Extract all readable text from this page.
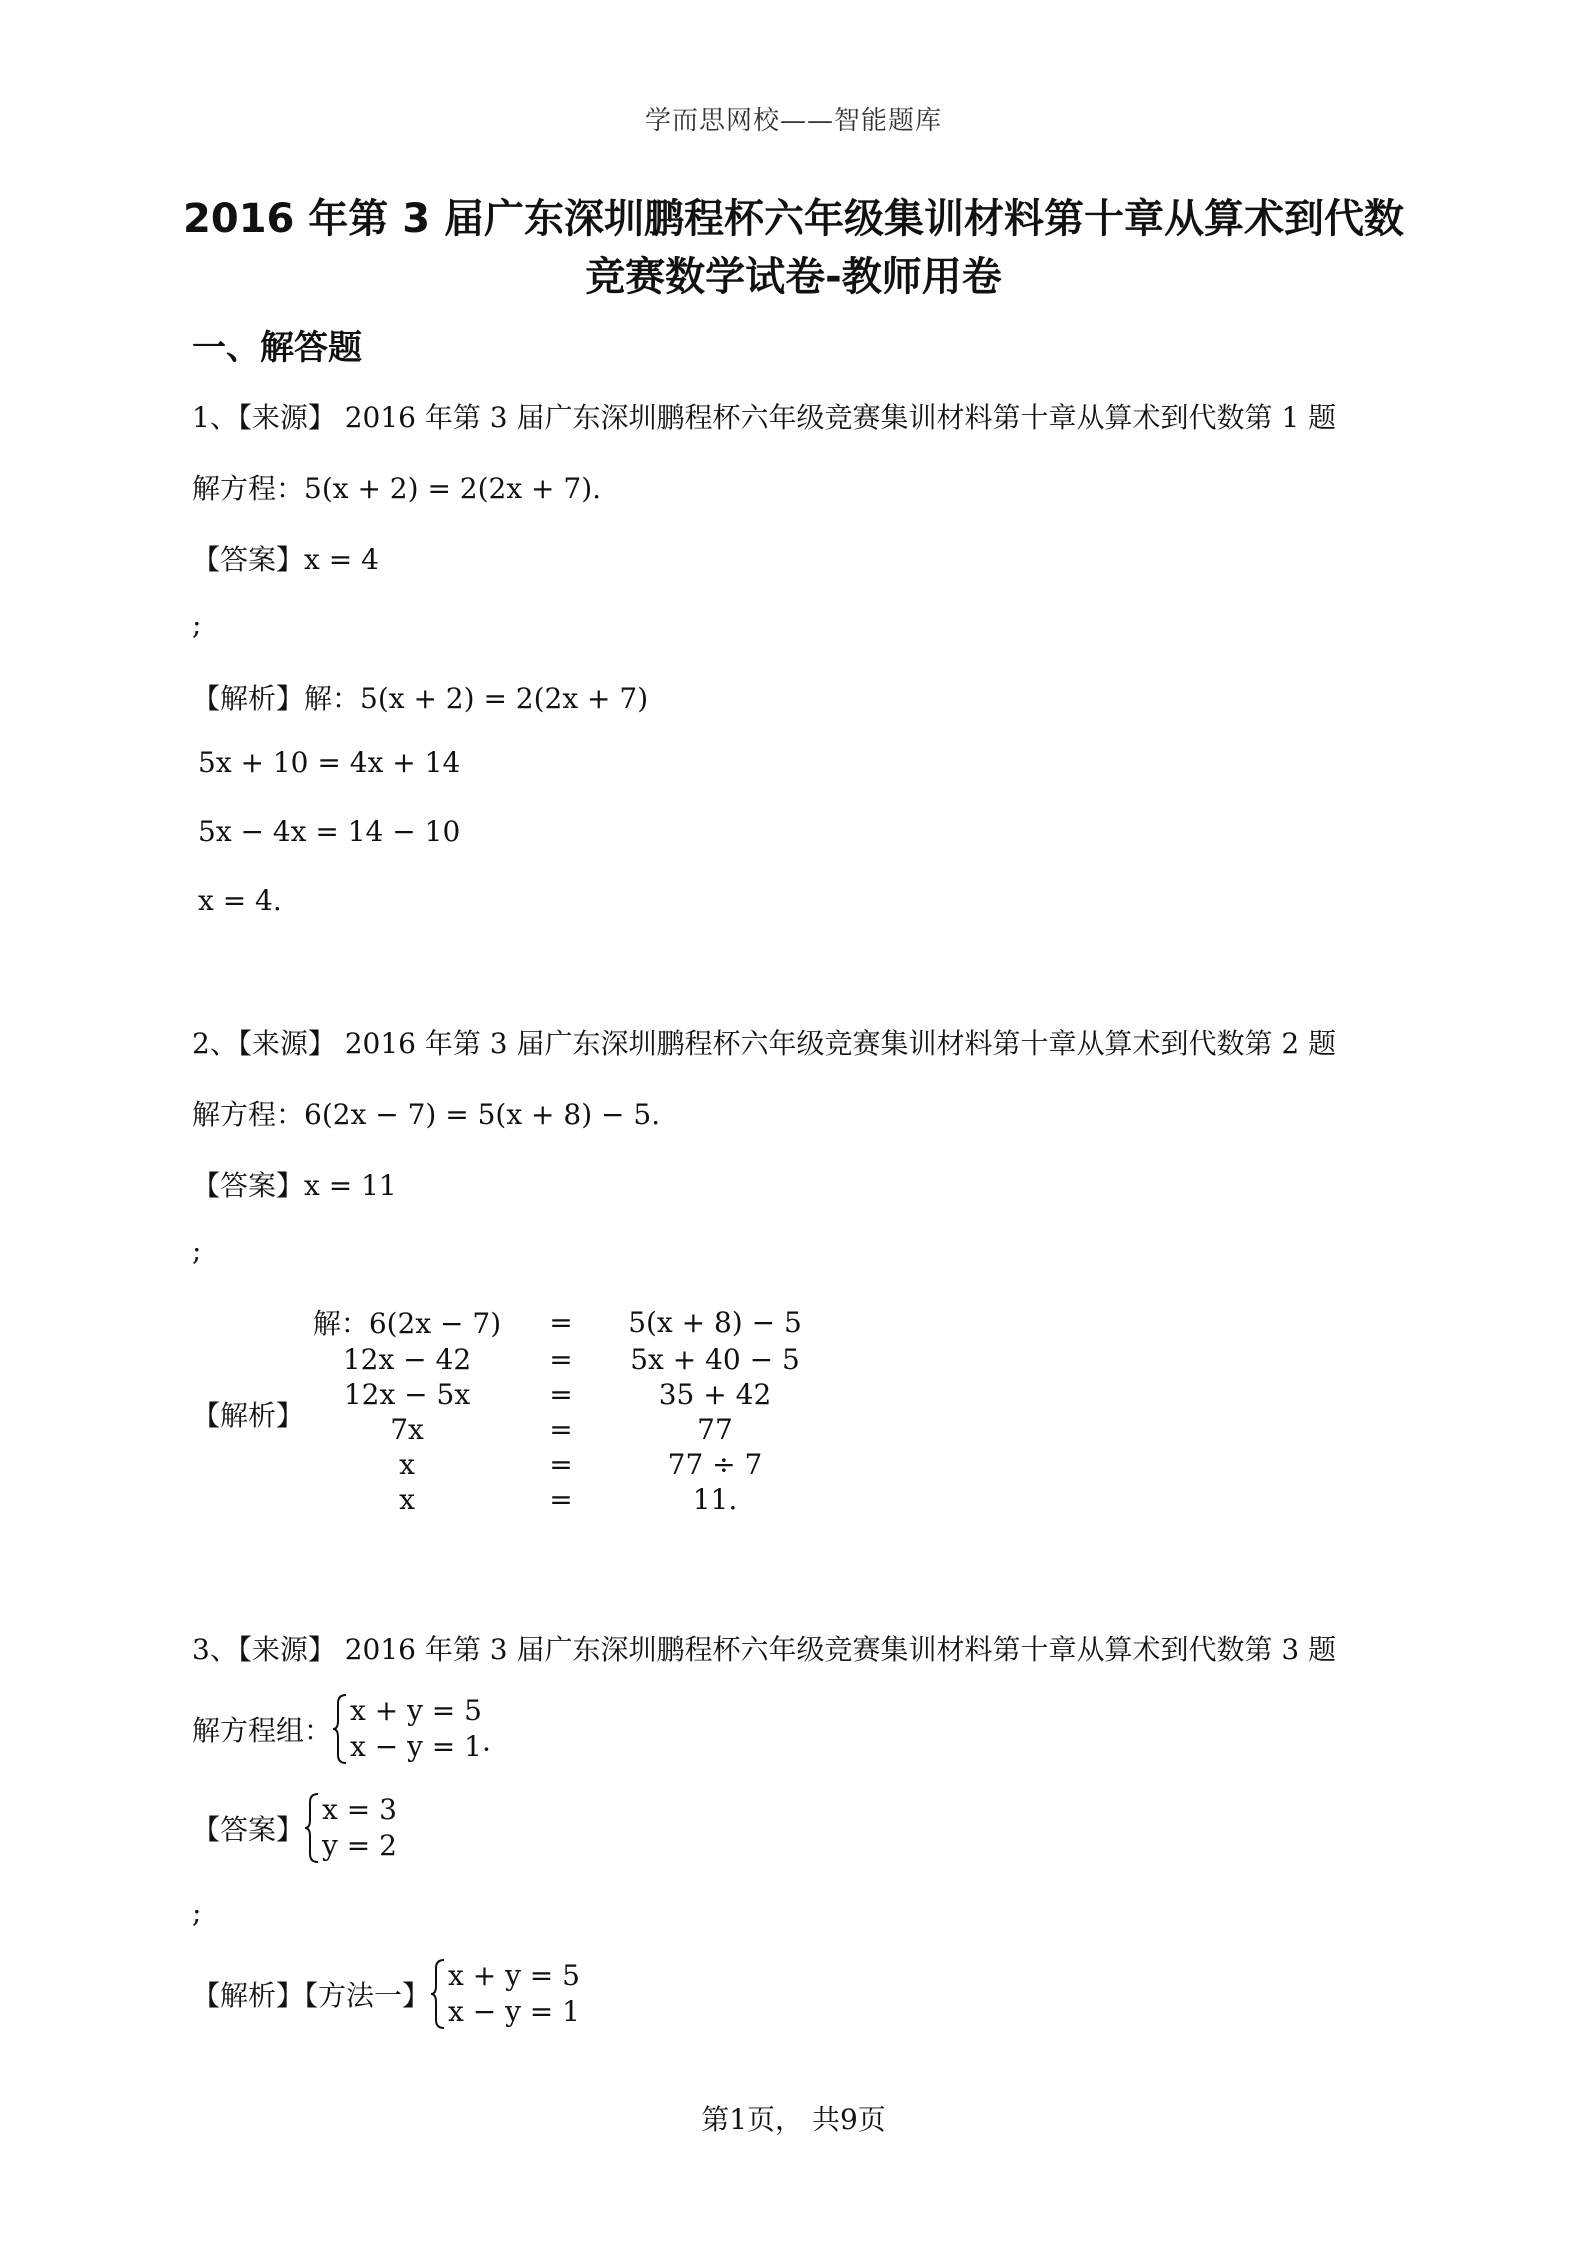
学而思网校——智能题库
2016 年第 3 届广东深圳鹏程杯六年级集训材料第十章从算术到代数
竞赛数学试卷-教师用卷
一、解答题
1、【来源】 2016 年第 3 届广东深圳鹏程杯六年级竞赛集训材料第十章从算术到代数第 1 题
解方程：5(x + 2) = 2(2x + 7).
【答案】x = 4
;
【解析】解：5(x + 2) = 2(2x + 7)
5x + 10 = 4x + 14
5x − 4x = 14 − 10
x = 4.
2、【来源】 2016 年第 3 届广东深圳鹏程杯六年级竞赛集训材料第十章从算术到代数第 2 题
解方程：6(2x − 7) = 5(x + 8) − 5.
【答案】x = 11
;
【解析】
解：6(2x − 7)	=	5(x + 8) − 5
12x − 42	=	5x + 40 − 5
12x − 5x	=	35 + 42
7x	=	77
x	=	77 ÷ 7
x	=	11.
3、【来源】 2016 年第 3 届广东深圳鹏程杯六年级竞赛集训材料第十章从算术到代数第 3 题
解方程组：
x + y = 5
x − y = 1 .
【答案】
x = 3
y = 2
;
【解析】【方法一】
x + y = 5
x − y = 1
第1页， 共9页
